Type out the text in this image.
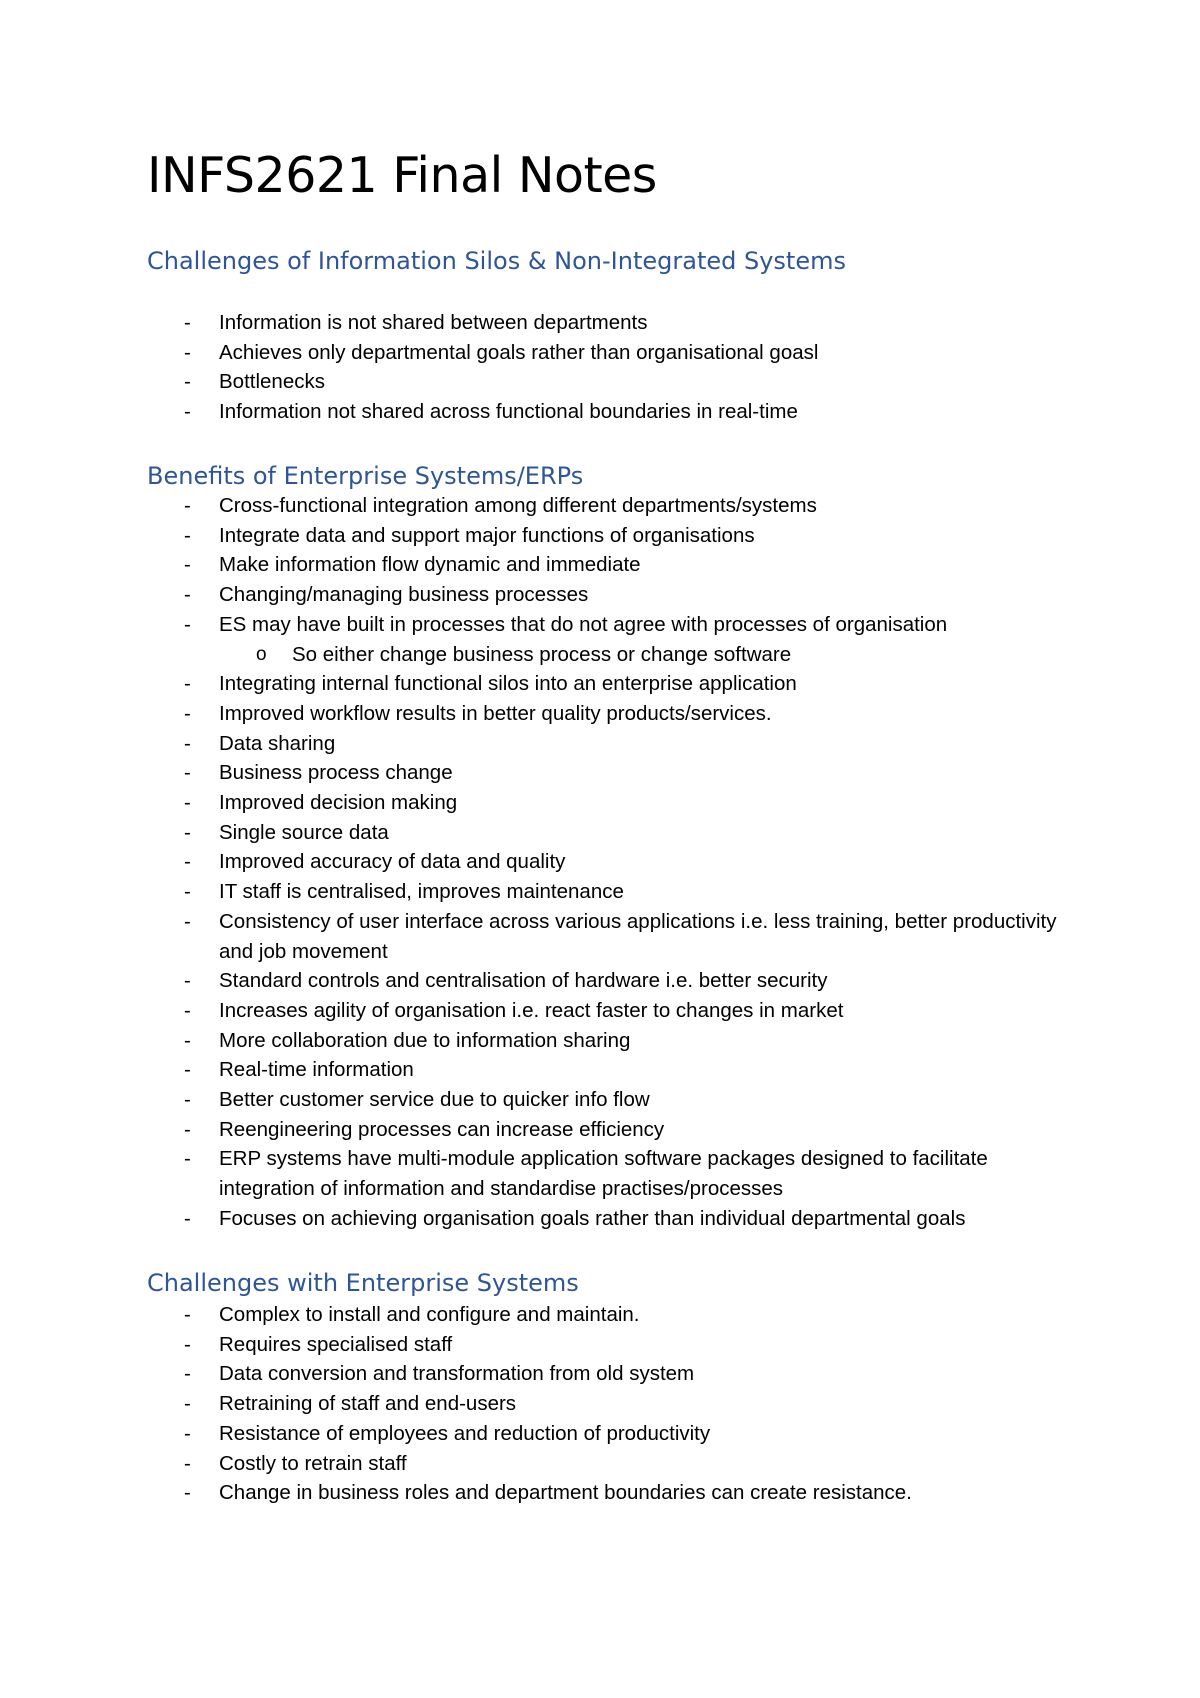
INFS2621 Final Notes
Challenges of Information Silos & Non-Integrated Systems
- Information is not shared between departments
- Achieves only departmental goals rather than organisational goasl
- Bottlenecks
- Information not shared across functional boundaries in real-time
Benefits of Enterprise Systems/ERPs
- Cross-functional integration among different departments/systems
- Integrate data and support major functions of organisations
- Make information flow dynamic and immediate
- Changing/managing business processes
- ES may have built in processes that do not agree with processes of organisation
o So either change business process or change software
- Integrating internal functional silos into an enterprise application
- Improved workflow results in better quality products/services.
- Data sharing
- Business process change
- Improved decision making
- Single source data
- Improved accuracy of data and quality
- IT staff is centralised, improves maintenance
- Consistency of user interface across various applications i.e. less training, better productivity and job movement
- Standard controls and centralisation of hardware i.e. better security
- Increases agility of organisation i.e. react faster to changes in market
- More collaboration due to information sharing
- Real-time information
- Better customer service due to quicker info flow
- Reengineering processes can increase efficiency
- ERP systems have multi-module application software packages designed to facilitate integration of information and standardise practises/processes
- Focuses on achieving organisation goals rather than individual departmental goals
Challenges with Enterprise Systems
- Complex to install and configure and maintain.
- Requires specialised staff
- Data conversion and transformation from old system
- Retraining of staff and end-users
- Resistance of employees and reduction of productivity
- Costly to retrain staff
- Change in business roles and department boundaries can create resistance.
